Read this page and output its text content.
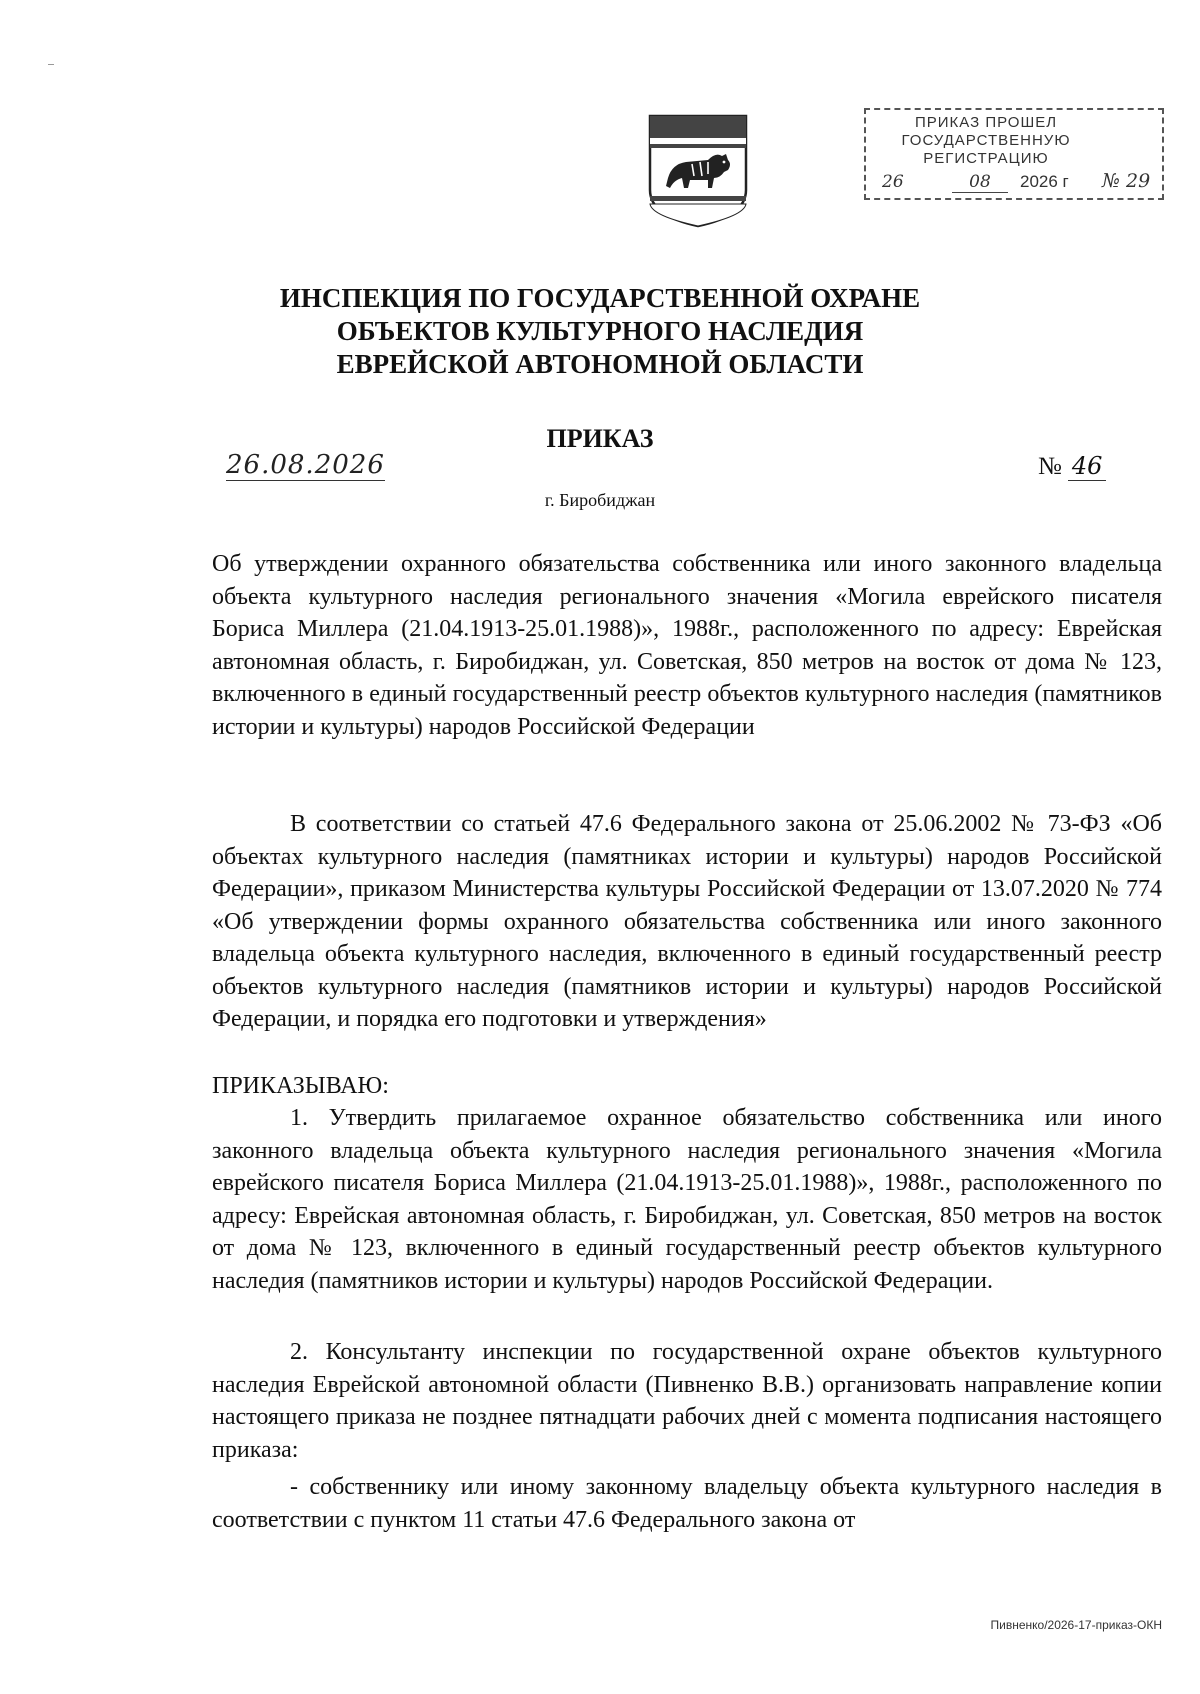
ПРИКАЗ ПРОШЕЛ
ГОСУДАРСТВЕННУЮ
РЕГИСТРАЦИЮ
26	08	2026 г № 29
ИНСПЕКЦИЯ ПО ГОСУДАРСТВЕННОЙ ОХРАНЕ
ОБЪЕКТОВ КУЛЬТУРНОГО НАСЛЕДИЯ
ЕВРЕЙСКОЙ АВТОНОМНОЙ ОБЛАСТИ
ПРИКАЗ
26.08.2026	№ 46
г. Биробиджан
Об утверждении охранного обязательства собственника или иного законного владельца объекта культурного наследия регионального значения «Могила еврейского писателя Бориса Миллера (21.04.1913-25.01.1988)», 1988г., расположенного по адресу: Еврейская автономная область, г. Биробиджан, ул. Советская, 850 метров на восток от дома № 123, включенного в единый государственный реестр объектов культурного наследия (памятников истории и культуры) народов Российской Федерации
В соответствии со статьей 47.6 Федерального закона от 25.06.2002 № 73-ФЗ «Об объектах культурного наследия (памятниках истории и культуры) народов Российской Федерации», приказом Министерства культуры Российской Федерации от 13.07.2020 № 774 «Об утверждении формы охранного обязательства собственника или иного законного владельца объекта культурного наследия, включенного в единый государственный реестр объектов культурного наследия (памятников истории и культуры) народов Российской Федерации, и порядка его подготовки и утверждения»
ПРИКАЗЫВАЮ:
1. Утвердить прилагаемое охранное обязательство собственника или иного законного владельца объекта культурного наследия регионального значения «Могила еврейского писателя Бориса Миллера (21.04.1913-25.01.1988)», 1988г., расположенного по адресу: Еврейская автономная область, г. Биробиджан, ул. Советская, 850 метров на восток от дома № 123, включенного в единый государственный реестр объектов культурного наследия (памятников истории и культуры) народов Российской Федерации.
2. Консультанту инспекции по государственной охране объектов культурного наследия Еврейской автономной области (Пивненко В.В.) организовать направление копии настоящего приказа не позднее пятнадцати рабочих дней с момента подписания настоящего приказа:
- собственнику или иному законному владельцу объекта культурного наследия в соответствии с пунктом 11 статьи 47.6 Федерального закона от
Пивненко/2026-17-приказ-ОКН
